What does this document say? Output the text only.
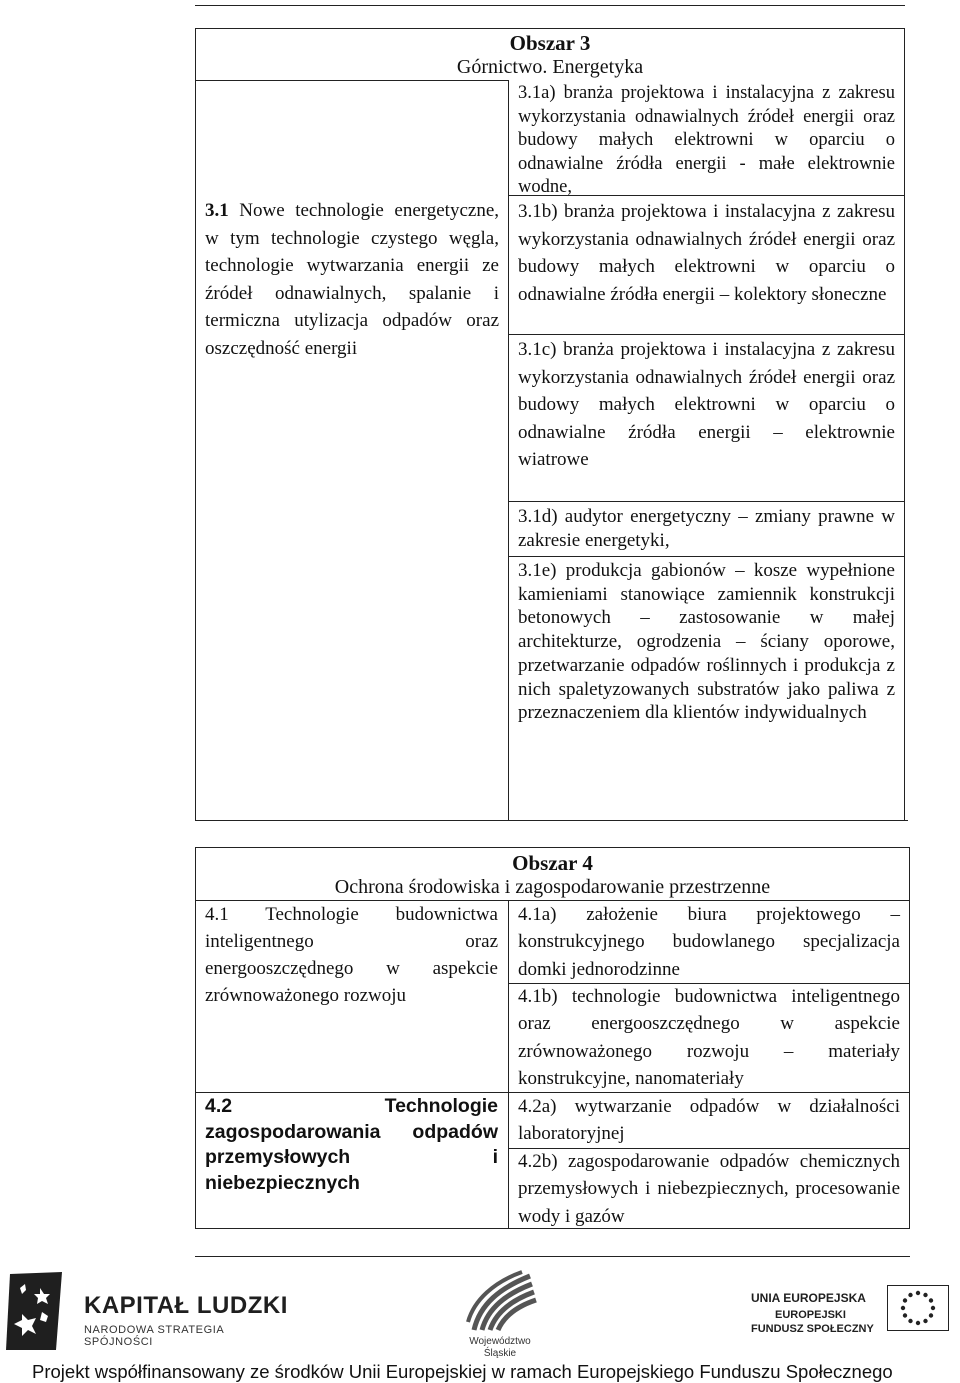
Obszar 3
Górnictwo. Energetyka
3.1 Nowe technologie energetyczne, w tym technologie czystego węgla, technologie wytwarzania energii ze źródeł odnawialnych, spalanie i termiczna utylizacja odpadów oraz oszczędność energii
3.1a) branża projektowa i instalacyjna z zakresu wykorzystania odnawialnych źródeł energii oraz budowy małych elektrowni w oparciu o odnawialne źródła energii - małe elektrownie wodne,
3.1b) branża projektowa i instalacyjna z zakresu wykorzystania odnawialnych źródeł energii oraz budowy małych elektrowni w oparciu o odnawialne źródła energii – kolektory słoneczne
3.1c) branża projektowa i instalacyjna z zakresu wykorzystania odnawialnych źródeł energii oraz budowy małych elektrowni w oparciu o odnawialne źródła energii – elektrownie wiatrowe
3.1d) audytor energetyczny – zmiany prawne w zakresie energetyki,
3.1e) produkcja gabionów – kosze wypełnione kamieniami stanowiące zamiennik konstrukcji betonowych – zastosowanie w małej architekturze, ogrodzenia – ściany oporowe, przetwarzanie odpadów roślinnych i produkcja z nich spaletyzowanych substratów jako paliwa z przeznaczeniem dla klientów indywidualnych
Obszar 4
Ochrona środowiska i zagospodarowanie przestrzenne
4.1 Technologie budownictwa inteligentnego oraz energooszczędnego w aspekcie zrównoważonego rozwoju
4.1a) założenie biura projektowego – konstrukcyjnego budowlanego specjalizacja domki jednorodzinne
4.1b) technologie budownictwa inteligentnego oraz energooszczędnego w aspekcie zrównoważonego rozwoju – materiały konstrukcyjne, nanomateriały
4.2 Technologie zagospodarowania odpadów przemysłowych i niebezpiecznych
4.2a) wytwarzanie odpadów w działalności laboratoryjnej
4.2b) zagospodarowanie odpadów chemicznych przemysłowych i niebezpiecznych, procesowanie wody i gazów
KAPITAŁ LUDZKI
NARODOWA STRATEGIA SPÓJNOŚCI	Województwo
Śląskie
UNIA EUROPEJSKA
EUROPEJSKI
FUNDUSZ SPOŁECZNY
Projekt współfinansowany ze środków Unii Europejskiej w ramach Europejskiego Funduszu Społecznego
